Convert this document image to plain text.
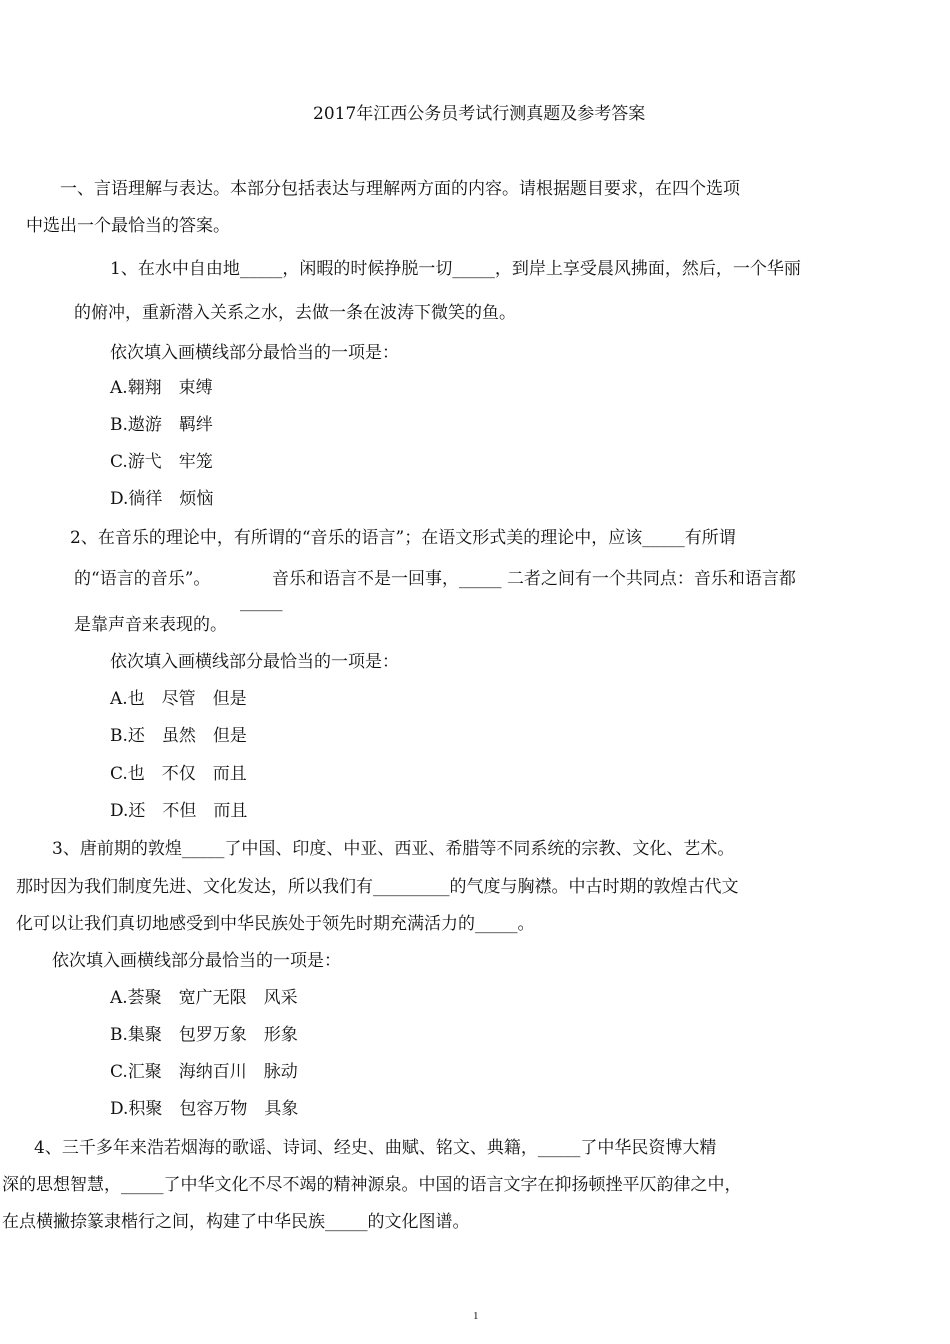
2017年江西公务员考试行测真题及参考答案
一、言语理解与表达。本部分包括表达与理解两方面的内容。请根据题目要求，在四个选项
中选出一个最恰当的答案。
1、在水中自由地_____，闲暇的时候挣脱一切_____，到岸上享受晨风拂面，然后，一个华丽
的俯冲，重新潜入关系之水，去做一条在波涛下微笑的鱼。
依次填入画横线部分最恰当的一项是：
A.翱翔　束缚
B.遨游　羁绊
C.游弋　牢笼
D.徜徉　烦恼
2、在音乐的理论中，有所谓的“音乐的语言”；在语文形式美的理论中，应该_____有所谓
的“语言的音乐”。	音乐和语言不是一回事，_____ 二者之间有一个共同点：音乐和语言都
_____
是靠声音来表现的。
依次填入画横线部分最恰当的一项是：
A.也　尽管　但是
B.还　虽然　但是
C.也　不仅　而且
D.还　不但　而且
3、唐前期的敦煌_____了中国、印度、中亚、西亚、希腊等不同系统的宗教、文化、艺术。
那时因为我们制度先进、文化发达，所以我们有_________的气度与胸襟。中古时期的敦煌古代文
化可以让我们真切地感受到中华民族处于领先时期充满活力的_____。
依次填入画横线部分最恰当的一项是：
A.荟聚　宽广无限　风采
B.集聚　包罗万象　形象
C.汇聚　海纳百川　脉动
D.积聚　包容万物　具象
4、三千多年来浩若烟海的歌谣、诗词、经史、曲赋、铭文、典籍，_____了中华民资博大精
深的思想智慧，_____了中华文化不尽不竭的精神源泉。中国的语言文字在抑扬顿挫平仄韵律之中，
在点横撇捺篆隶楷行之间，构建了中华民族_____的文化图谱。
1
